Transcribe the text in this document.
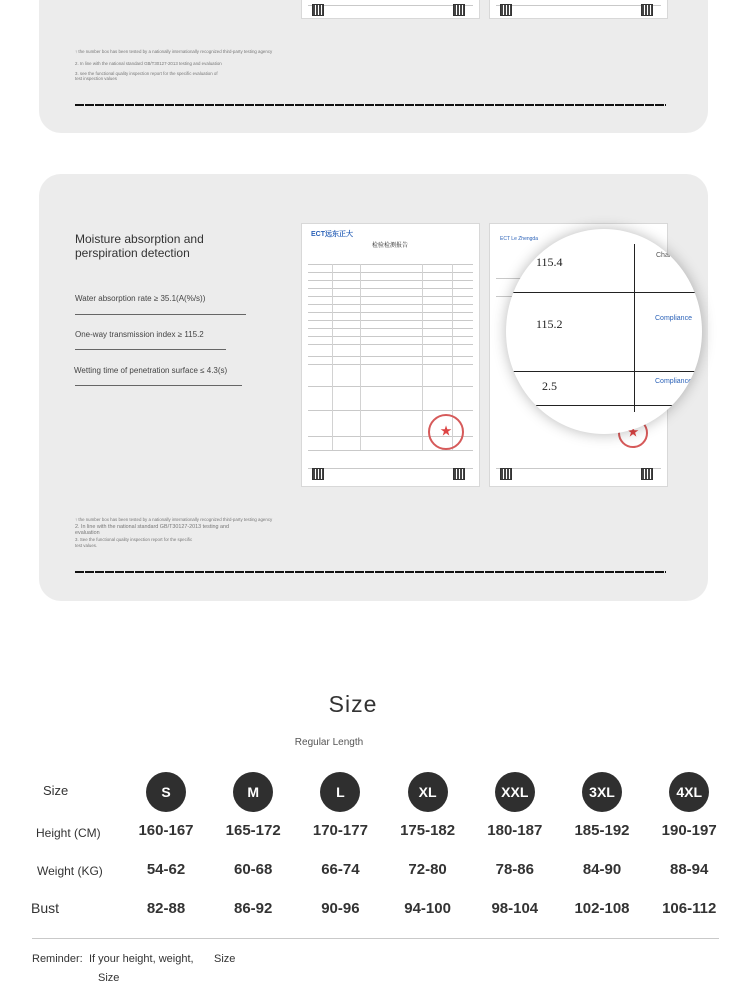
↑ the number box has been tested by a nationally internationally recognized third-party testing agency
2. In line with the national standard GB/T30127-2013 testing and evaluation
3. see the functional quality inspection report for the specific evaluation of
test inspection values
Moisture absorption and perspiration detection
Water absorption rate ≥ 35.1(A(%/s))
One-way transmission index ≥ 115.2
Wetting time of penetration surface ≤ 4.3(s)
ECT远东正大
检验检测报告
★
ECT Le Zhengda
★
↑ the number box has been tested by a nationally internationally recognized third-party testing agency
2. In line with the national standard GB/T30127-2013 testing and
evaluation
3. See the functional quality inspection report for the specific
test values.
115.4
115.2
2.5
Character
Compliance
Compliance
Size
Regular Length
Size
Height (CM)
Weight (KG)
Bust
S
160-167
54-62
82-88
M
165-172
60-68
86-92
L
170-177
66-74
90-96
XL
175-182
72-80
94-100
XXL
180-187
78-86
98-104
3XL
185-192
84-90
102-108
4XL
190-197
88-94
106-112
Reminder: If your height, weight, Size
Size
